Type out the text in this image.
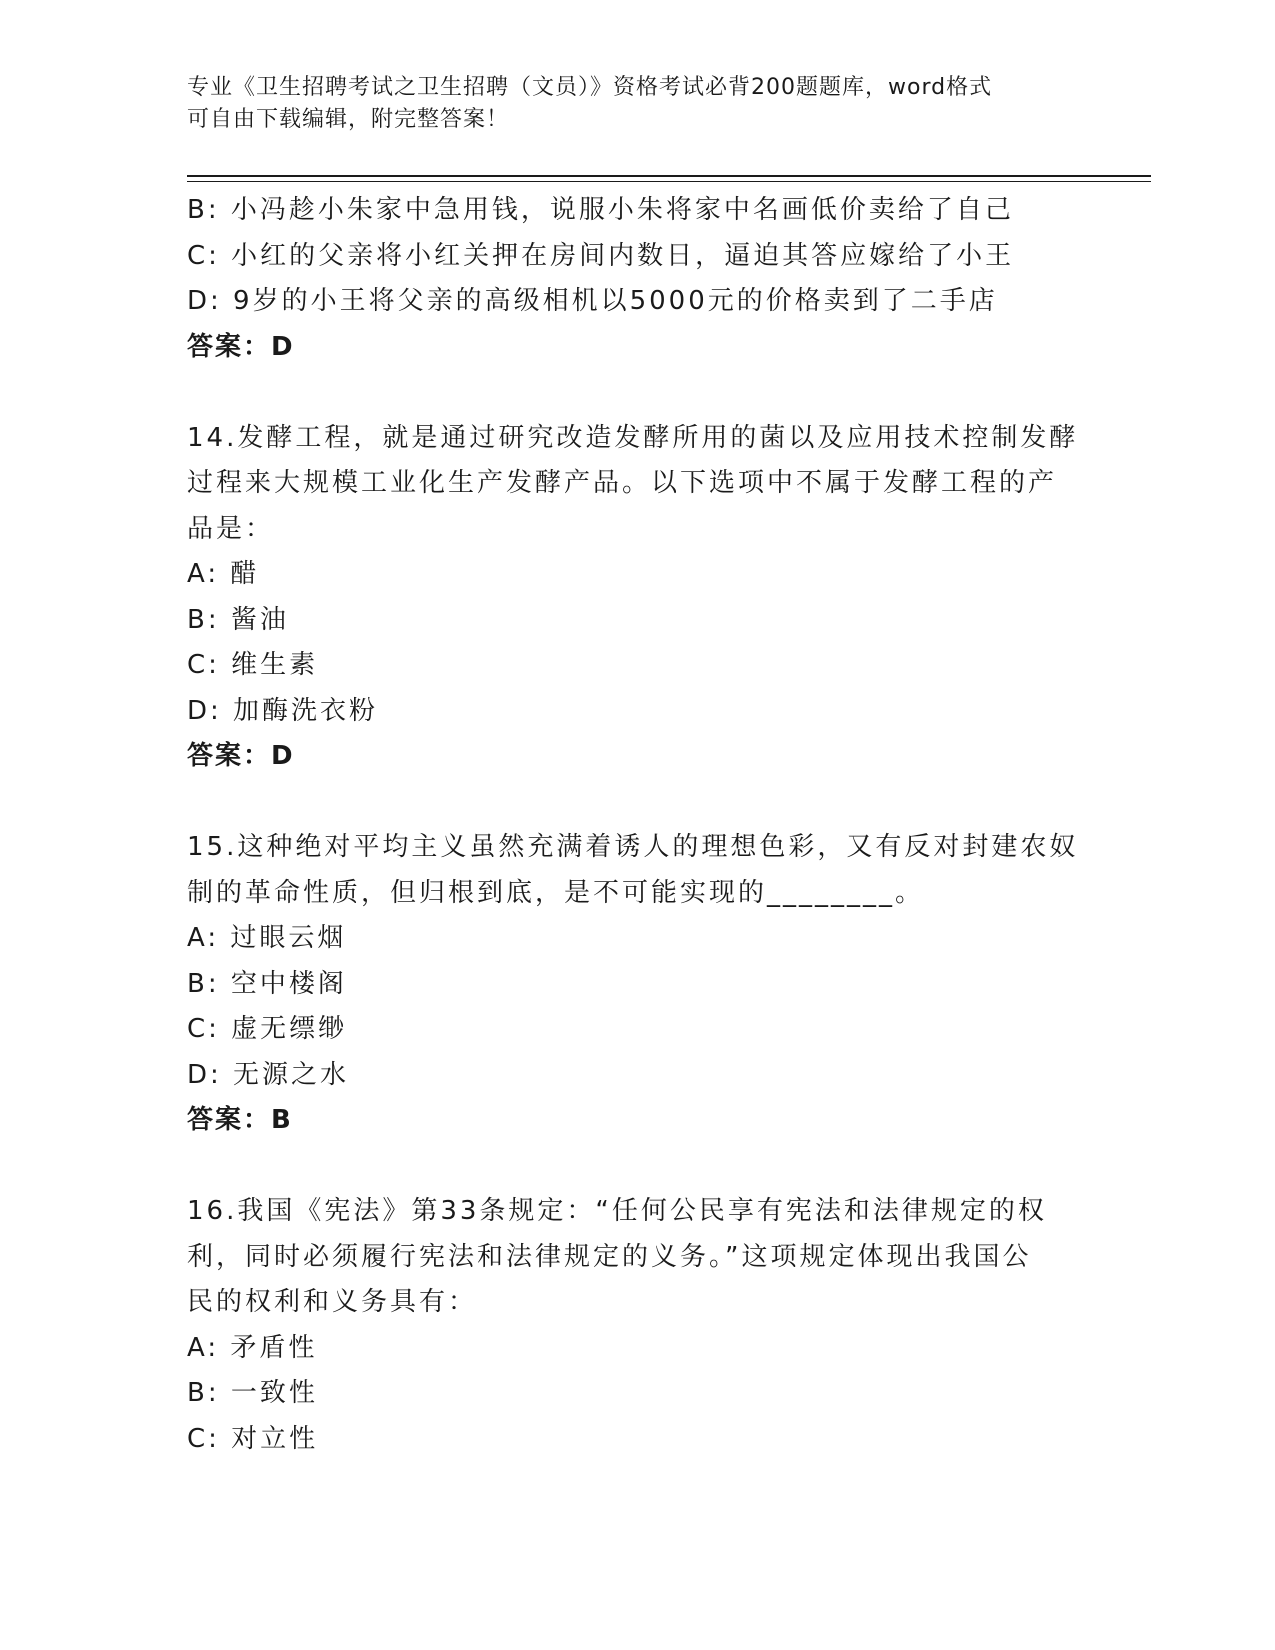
专业《卫生招聘考试之卫生招聘（文员）》资格考试必背200题题库，word格式
可自由下载编辑，附完整答案！
B: 小冯趁小朱家中急用钱，说服小朱将家中名画低价卖给了自己
C: 小红的父亲将小红关押在房间内数日，逼迫其答应嫁给了小王
D: 9岁的小王将父亲的高级相机以5000元的价格卖到了二手店
答案：D
14.发酵工程，就是通过研究改造发酵所用的菌以及应用技术控制发酵
过程来大规模工业化生产发酵产品。以下选项中不属于发酵工程的产
品是：
A: 醋
B: 酱油
C: 维生素
D: 加酶洗衣粉
答案：D
15.这种绝对平均主义虽然充满着诱人的理想色彩，又有反对封建农奴
制的革命性质，但归根到底，是不可能实现的________。
A: 过眼云烟
B: 空中楼阁
C: 虚无缥缈
D: 无源之水
答案：B
16.我国《宪法》第33条规定：“任何公民享有宪法和法律规定的权
利，同时必须履行宪法和法律规定的义务。”这项规定体现出我国公
民的权利和义务具有：
A: 矛盾性
B: 一致性
C: 对立性
